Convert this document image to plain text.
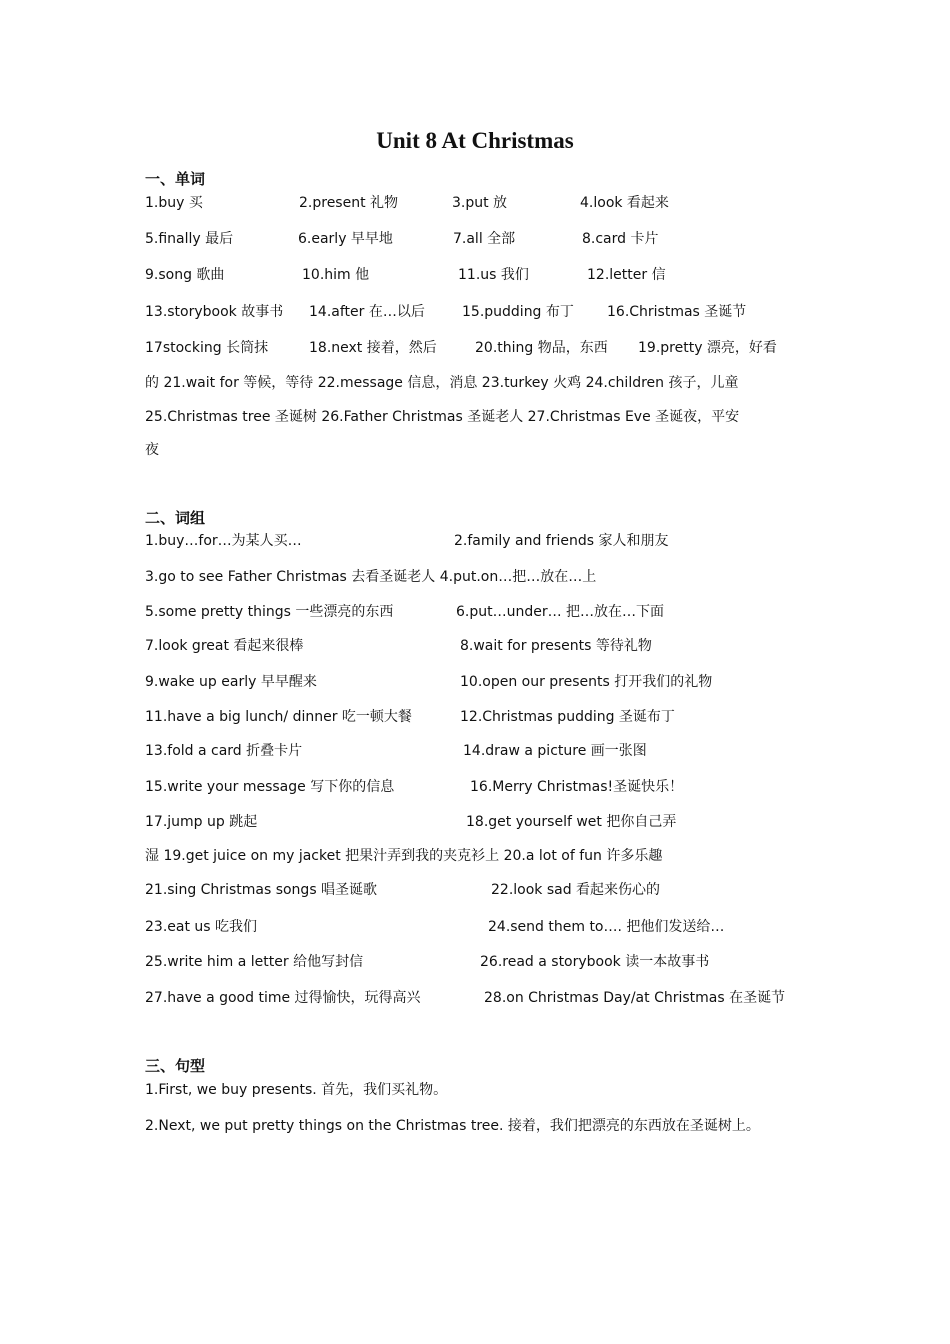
Unit 8 At Christmas
一、单词
1.buy 买	2.present 礼物	3.put 放	4.look 看起来
5.finally 最后	6.early 早早地	7.all 全部	8.card 卡片
9.song 歌曲	10.him 他	11.us 我们	12.letter 信
13.storybook 故事书 14.after 在…以后	15.pudding 布丁 16.Christmas 圣诞节
17stocking 长筒抹	18.next 接着，然后	20.thing 物品，东西 19.pretty 漂亮，好看
的 21.wait for 等候，等待 22.message 信息，消息 23.turkey 火鸡 24.children 孩子，儿童
25.Christmas tree 圣诞树 26.Father Christmas 圣诞老人 27.Christmas Eve 圣诞夜，平安
夜
二、词组
1.buy…for…为某人买…	2.family and friends 家人和朋友
3.go to see Father Christmas 去看圣诞老人 4.put.on…把…放在…上
5.some pretty things 一些漂亮的东西	6.put…under… 把…放在…下面
7.look great 看起来很棒	8.wait for presents 等待礼物
9.wake up early 早早醒来	10.open our presents 打开我们的礼物
11.have a big lunch/ dinner 吃一顿大餐	12.Christmas pudding 圣诞布丁
13.fold a card 折叠卡片	14.draw a picture 画一张图
15.write your message 写下你的信息	16.Merry Christmas!圣诞快乐！
17.jump up 跳起	18.get yourself wet 把你自己弄
湿 19.get juice on my jacket 把果汁弄到我的夹克衫上 20.a lot of fun 许多乐趣
21.sing Christmas songs 唱圣诞歌	22.look sad 看起来伤心的
23.eat us 吃我们	24.send them to…. 把他们发送给…
25.write him a letter 给他写封信	26.read a storybook 读一本故事书
27.have a good time 过得愉快，玩得高兴	28.on Christmas Day/at Christmas 在圣诞节
三、句型
1.First, we buy presents. 首先，我们买礼物。
2.Next, we put pretty things on the Christmas tree. 接着，我们把漂亮的东西放在圣诞树上。
